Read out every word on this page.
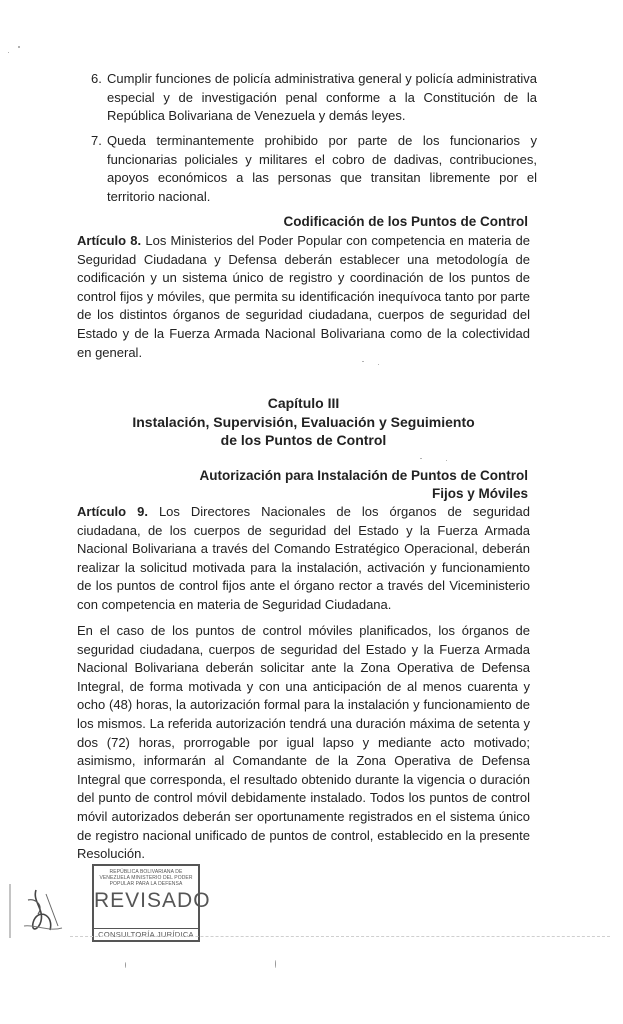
6. Cumplir funciones de policía administrativa general y policía administrativa especial y de investigación penal conforme a la Constitución de la República Bolivariana de Venezuela y demás leyes.
7. Queda terminantemente prohibido por parte de los funcionarios y funcionarias policiales y militares el cobro de dadivas, contribuciones, apoyos económicos a las personas que transitan libremente por el territorio nacional.
Codificación de los Puntos de Control
Artículo 8. Los Ministerios del Poder Popular con competencia en materia de Seguridad Ciudadana y Defensa deberán establecer una metodología de codificación y un sistema único de registro y coordinación de los puntos de control fijos y móviles, que permita su identificación inequívoca tanto por parte de los distintos órganos de seguridad ciudadana, cuerpos de seguridad del Estado y de la Fuerza Armada Nacional Bolivariana como de la colectividad en general.
Capítulo III
Instalación, Supervisión, Evaluación y Seguimiento
de los Puntos de Control
Autorización para Instalación de Puntos de Control
Fijos y Móviles
Artículo 9. Los Directores Nacionales de los órganos de seguridad ciudadana, de los cuerpos de seguridad del Estado y la Fuerza Armada Nacional Bolivariana a través del Comando Estratégico Operacional, deberán realizar la solicitud motivada para la instalación, activación y funcionamiento de los puntos de control fijos ante el órgano rector a través del Viceministerio con competencia en materia de Seguridad Ciudadana.
En el caso de los puntos de control móviles planificados, los órganos de seguridad ciudadana, cuerpos de seguridad del Estado y la Fuerza Armada Nacional Bolivariana deberán solicitar ante la Zona Operativa de Defensa Integral, de forma motivada y con una anticipación de al menos cuarenta y ocho (48) horas, la autorización formal para la instalación y funcionamiento de los mismos. La referida autorización tendrá una duración máxima de setenta y dos (72) horas, prorrogable por igual lapso y mediante acto motivado; asimismo, informarán al Comandante de la Zona Operativa de Defensa Integral que corresponda, el resultado obtenido durante la vigencia o duración del punto de control móvil debidamente instalado. Todos los puntos de control móvil autorizados deberán ser oportunamente registrados en el sistema único de registro nacional unificado de puntos de control, establecido en la presente Resolución.
REPÚBLICA BOLIVARIANA DE VENEZUELA MINISTERIO DEL PODER POPULAR PARA LA DEFENSA
REVISADO
CONSULTORÍA JURÍDICA
